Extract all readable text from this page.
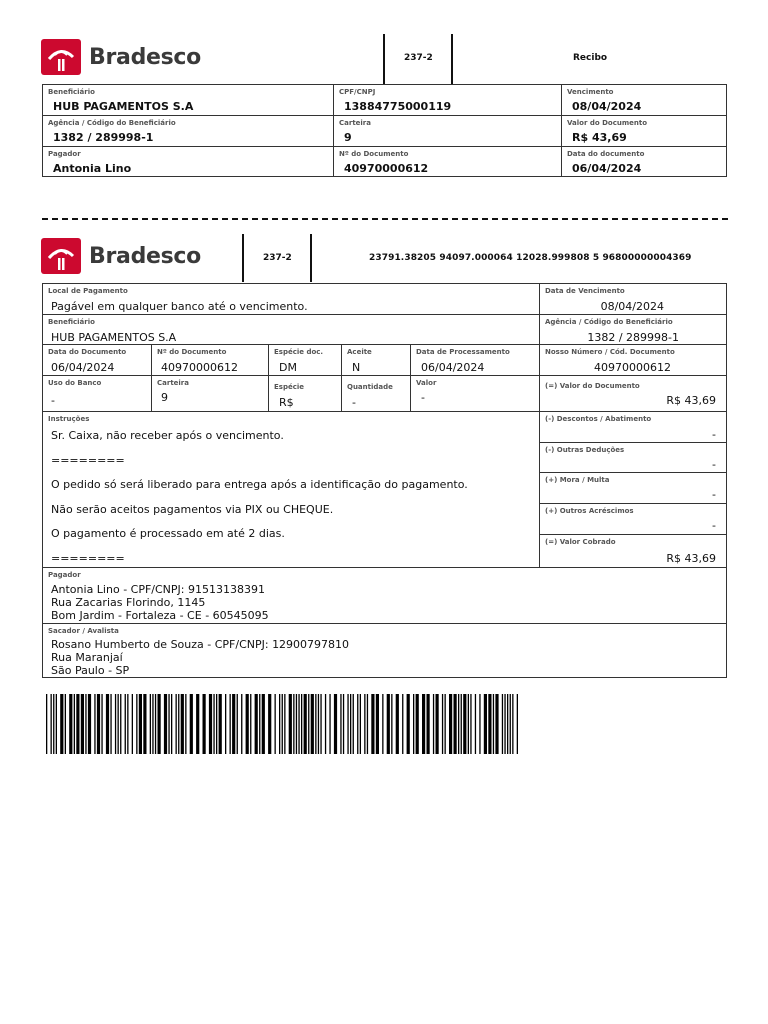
Bradesco	237-2	Recibo
Beneficiário
HUB PAGAMENTOS S.A
CPF/CNPJ
13884775000119
Vencimento
08/04/2024
Agência / Código do Beneficiário
1382 / 289998-1
Carteira
9
Valor do Documento
R$ 43,69
Pagador
Antonia Lino
Nº do Documento
40970000612
Data do documento
06/04/2024
Bradesco	237-2	23791.38205 94097.000064 12028.999808 5 96800000004369
Local de Pagamento
Pagável em qualquer banco até o vencimento.
Data de Vencimento
08/04/2024
Beneficiário
HUB PAGAMENTOS S.A
Agência / Código do Beneficiário
1382 / 289998-1
Data do Documento
06/04/2024
Nº do Documento
40970000612
Espécie doc.
DM
Aceite
N
Data de Processamento
06/04/2024
Nosso Número / Cód. Documento
40970000612
Uso do Banco
-
Carteira
9
Espécie
R$
Quantidade
-
Valor
-
(=) Valor do Documento
R$ 43,69
Instruções
Sr. Caixa, não receber após o vencimento.
========
O pedido só será liberado para entrega após a identificação do pagamento.
Não serão aceitos pagamentos via PIX ou CHEQUE.
O pagamento é processado em até 2 dias.
========
(-) Descontos / Abatimento
-
(-) Outras Deduções
-
(+) Mora / Multa
-
(+) Outros Acréscimos
-
(=) Valor Cobrado
R$ 43,69
Pagador
Antonia Lino - CPF/CNPJ: 91513138391
Rua Zacarias Florindo, 1145
Bom Jardim - Fortaleza - CE - 60545095
Sacador / Avalista
Rosano Humberto de Souza - CPF/CNPJ: 12900797810
Rua Maranjaí
São Paulo - SP
